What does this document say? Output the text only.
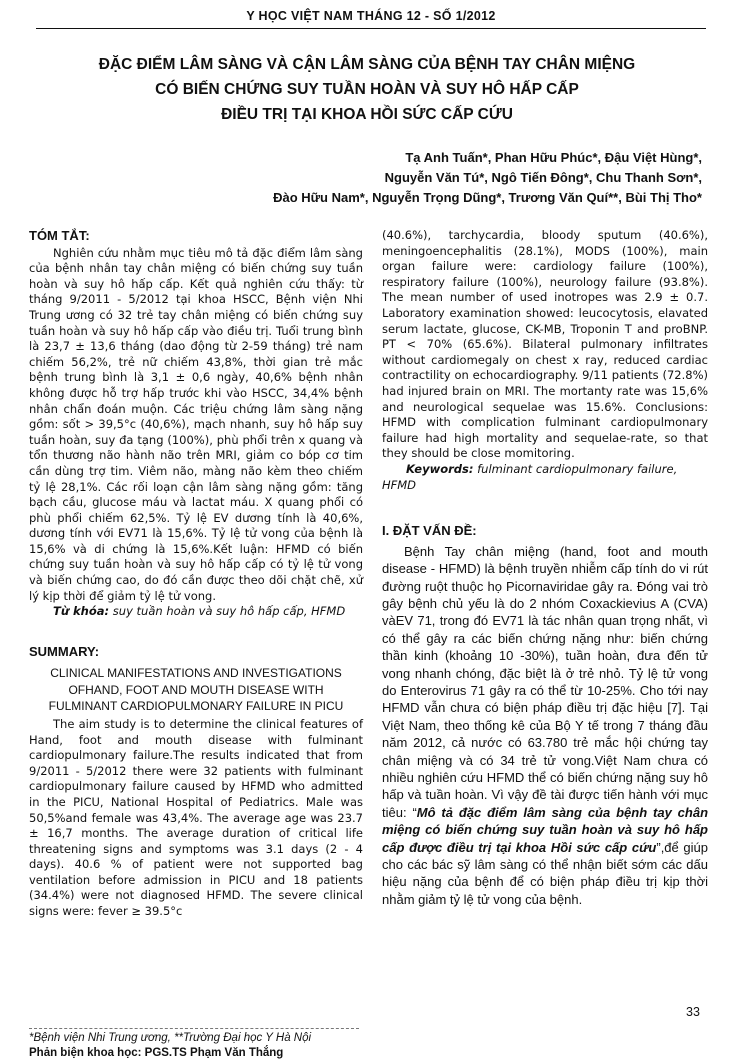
Y HỌC VIỆT NAM THÁNG 12 - SỐ 1/2012
ĐẶC ĐIỂM LÂM SÀNG VÀ CẬN LÂM SÀNG CỦA BỆNH TAY CHÂN MIỆNG
CÓ BIẾN CHỨNG SUY TUẦN HOÀN VÀ SUY HÔ HẤP CẤP
ĐIỀU TRỊ TẠI KHOA HỒI SỨC CẤP CỨU
Tạ Anh Tuấn*, Phan Hữu Phúc*, Đậu Việt Hùng*,
Nguyễn Văn Tú*, Ngô Tiến Đông*, Chu Thanh Sơn*,
Đào Hữu Nam*, Nguyễn Trọng Dũng*, Trương Văn Quí**, Bùi Thị Tho*
TÓM TẮT:

Nghiên cứu nhằm mục tiêu mô tả đặc điểm lâm sàng của bệnh nhân tay chân miệng có biến chứng suy tuần hoàn và suy hô hấp cấp. Kết quả nghiên cứu thấy: từ tháng 9/2011 - 5/2012 tại khoa HSCC, Bệnh viện Nhi Trung ương có 32 trẻ tay chân miệng có biến chứng suy tuần hoàn và suy hô hấp cấp vào điều trị. Tuổi trung bình là 23,7 ± 13,6 tháng (dao động từ 2-59 tháng) trẻ nam chiếm 56,2%, trẻ nữ chiếm 43,8%, thời gian trẻ mắc bệnh trung bình là 3,1 ± 0,6 ngày, 40,6% bệnh nhân không được hỗ trợ hấp trước khi vào HSCC, 34,4% bệnh nhân chẩn đoán muộn. Các triệu chứng lâm sàng nặng gồm: sốt > 39,5°c (40,6%), mạch nhanh, suy hô hấp suy tuần hoàn, suy đa tạng (100%), phù phổi trên x quang và tổn thương não hành não trên MRI, giảm co bóp cơ tim cần dùng trợ tim. Viêm não, màng não kèm theo chiếm tỷ lệ 28,1%. Các rối loạn cận lâm sàng nặng gồm: tăng bạch cầu, glucose máu và lactat máu. X quang phổi có phù phổi chiếm 62,5%. Tỷ lệ EV dương tính là 40,6%, dương tính với EV71 là 15,6%. Tỷ lệ tử vong của bệnh là 15,6% và di chứng là 15,6%.Kết luận: HFMD có biến chứng suy tuần hoàn và suy hô hấp cấp có tỷ lệ tử vong và biến chứng cao, do đó cần được theo dõi chặt chẽ, xử lý kịp thời để giảm tỷ lệ tử vong.

Từ khóa: suy tuần hoàn và suy hô hấp cấp, HFMD

SUMMARY:
CLINICAL MANIFESTATIONS AND INVESTIGATIONS
OFHAND, FOOT AND MOUTH DISEASE WITH
FULMINANT CARDIOPULMONARY FAILURE IN PICU

The aim study is to determine the clinical features of Hand, foot and mouth disease with fulminant cardiopulmonary failure.The results indicated that from 9/2011 - 5/2012 there were 32 patients with fulminant cardiopulmonary failure caused by HFMD who admitted in the PICU, National Hospital of Pediatrics. Male was 50,5%and female was 43,4%. The average age was 23.7 ± 16,7 months. The average duration of critical life threatening signs and symptoms was 3.1 days (2 - 4 days). 40.6 % of patient were not supported bag ventilation before admission in PICU and 18 patients (34.4%) were not diagnosed HFMD. The severe clinical signs were: fever ≥ 39.5°c

(40.6%), tarchycardia, bloody sputum (40.6%), meningoencephalitis (28.1%), MODS (100%), main organ failure were: cardiology failure (100%), respiratory failure (100%), neurology failure (93.8%). The mean number of used inotropes was 2.9 ± 0.7. Laboratory examination showed: leucocytosis, elavated serum lactate, glucose, CK-MB, Troponin T and proBNP. PT < 70% (65.6%). Bilateral pulmonary infiltrates without cardiomegaly on chest x ray, reduced cardiac contractility on echocardiography. 9/11 patients (72.8%) had injured brain on MRI. The mortanty rate was 15,6% and neurological sequelae was 15.6%. Conclusions: HFMD with complication fulminant cardiopulmonary failure had high mortality and sequelae-rate, so that they should be close momitoring.

Keywords: fulminant cardiopulmonary failure, HFMD

I. ĐẶT VẤN ĐỀ:

Bệnh Tay chân miệng (hand, foot and mouth disease - HFMD) là bệnh truyền nhiễm cấp tính do vi rút đường ruột thuộc họ Picornaviridae gây ra. Đóng vai trò gây bệnh chủ yếu là do 2 nhóm Coxackievius A (CVA) vàEV 71, trong đó EV71 là tác nhân quan trọng nhất, vì có thể gây ra các biến chứng nặng như: biến chứng thần kinh (khoảng 10 -30%), tuần hoàn, đưa đến tử vong nhanh chóng, đặc biệt là ở trẻ nhỏ. Tỷ lệ tử vong do Enterovirus 71 gây ra có thể từ 10-25%. Cho tới nay HFMD vẫn chưa có biện pháp điều trị đặc hiệu [7]. Tại Việt Nam, theo thống kê của Bộ Y tế trong 7 tháng đầu năm 2012, cả nước có 63.780 trẻ mắc hội chứng tay chân miệng và có 34 trẻ tử vong.Việt Nam chưa có nhiều nghiên cứu HFMD thể có biến chứng nặng suy hô hấp và tuần hoàn. Vì vậy đề tài được tiến hành với mục tiêu: “Mô tả đặc điểm lâm sàng của bệnh tay chân miệng có biến chứng suy tuần hoàn và suy hô hấp cấp được điều trị tại khoa Hồi sức cấp cứu”,để giúp cho các bác sỹ lâm sàng có thể nhận biết sớm các dấu hiệu nặng của bệnh để có biện pháp điều trị kịp thời nhằm giảm tỷ lệ tử vong của bệnh.

33
*Bệnh viện Nhi Trung ương, **Trường Đại học Y Hà Nội
Phản biện khoa học: PGS.TS Phạm Văn Thắng
